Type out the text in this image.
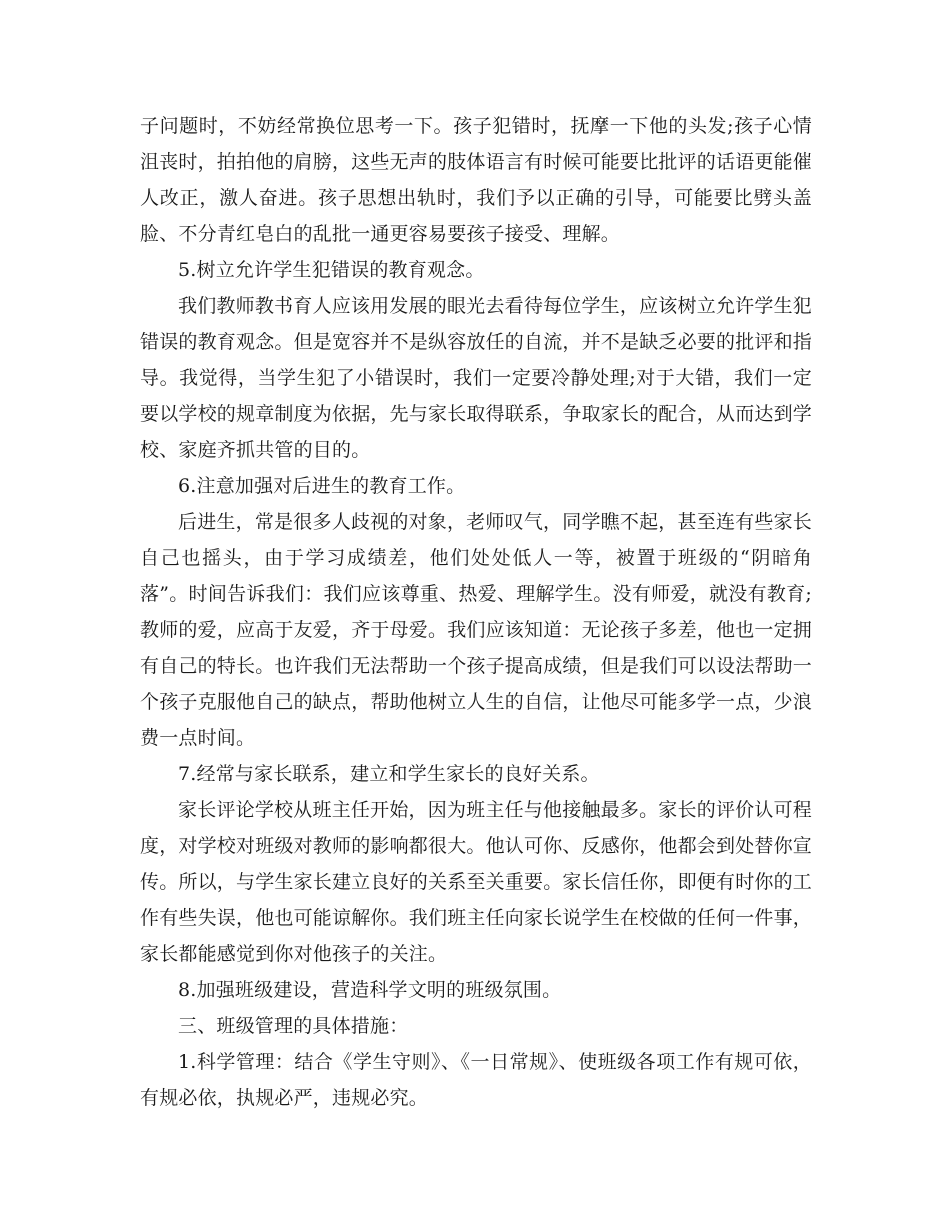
子问题时，不妨经常换位思考一下。孩子犯错时，抚摩一下他的头发;孩子心情沮丧时，拍拍他的肩膀，这些无声的肢体语言有时候可能要比批评的话语更能催人改正，激人奋进。孩子思想出轨时，我们予以正确的引导，可能要比劈头盖脸、不分青红皂白的乱批一通更容易要孩子接受、理解。

5.树立允许学生犯错误的教育观念。

我们教师教书育人应该用发展的眼光去看待每位学生，应该树立允许学生犯错误的教育观念。但是宽容并不是纵容放任的自流，并不是缺乏必要的批评和指导。我觉得，当学生犯了小错误时，我们一定要冷静处理;对于大错，我们一定要以学校的规章制度为依据，先与家长取得联系，争取家长的配合，从而达到学校、家庭齐抓共管的目的。

6.注意加强对后进生的教育工作。

后进生，常是很多人歧视的对象，老师叹气，同学瞧不起，甚至连有些家长自己也摇头，由于学习成绩差，他们处处低人一等，被置于班级的“阴暗角落”。时间告诉我们：我们应该尊重、热爱、理解学生。没有师爱，就没有教育;教师的爱，应高于友爱，齐于母爱。我们应该知道：无论孩子多差，他也一定拥有自己的特长。也许我们无法帮助一个孩子提高成绩，但是我们可以设法帮助一个孩子克服他自己的缺点，帮助他树立人生的自信，让他尽可能多学一点，少浪费一点时间。

7.经常与家长联系，建立和学生家长的良好关系。

家长评论学校从班主任开始，因为班主任与他接触最多。家长的评价认可程度，对学校对班级对教师的影响都很大。他认可你、反感你，他都会到处替你宣传。所以，与学生家长建立良好的关系至关重要。家长信任你，即便有时你的工作有些失误，他也可能谅解你。我们班主任向家长说学生在校做的任何一件事，家长都能感觉到你对他孩子的关注。

8.加强班级建设，营造科学文明的班级氛围。

三、班级管理的具体措施：

1.科学管理：结合《学生守则》、《一日常规》、使班级各项工作有规可依，有规必依，执规必严，违规必究。
